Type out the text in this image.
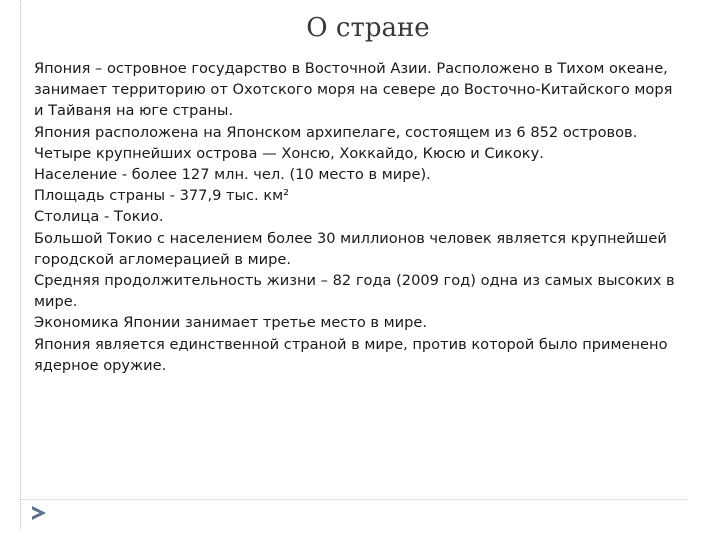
О стране

Япония – островное государство в Восточной Азии. Расположено в Тихом океане, занимает территорию от Охотского моря на севере до Восточно-Китайского моря и Тайваня на юге страны.

Япония расположена на Японском архипелаге, состоящем из 6 852 островов.

Четыре крупнейших острова — Хонсю, Хоккайдо, Кюсю и Сикоку.

Население - более 127 млн. чел. (10 место в мире).

Площадь страны - 377,9 тыс. км²

Столица - Токио.

Большой Токио с населением более 30 миллионов человек является крупнейшей городской агломерацией в мире.

Средняя продолжительность жизни – 82 года (2009 год) одна из самых высоких в мире.

Экономика Японии занимает третье место в мире.

Япония является единственной страной в мире, против которой было применено ядерное оружие.
